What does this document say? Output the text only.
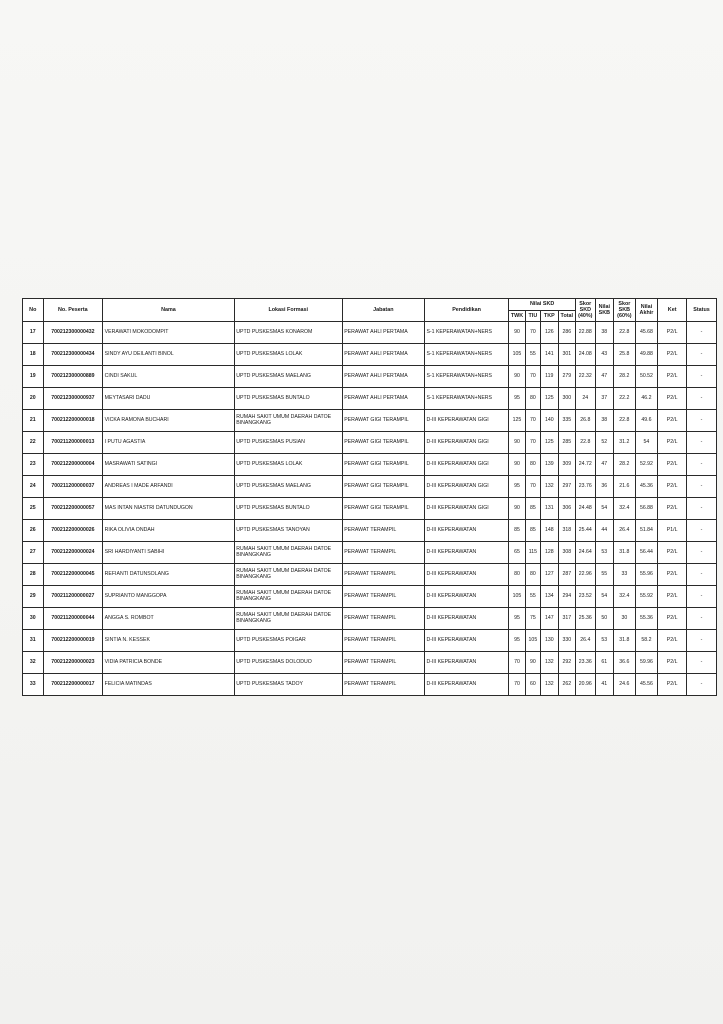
No	No. Peserta	Nama	Lokasi Formasi	Jabatan	Pendidikan	Nilai SKD				Skor SKD (40%)	Nilai SKB	Skor SKB (60%)	Nilai Akhir	Ket	Status
						TWK	TIU	TKP	Total						
17	700212300000432	VERAWATI MOKODOMPIT	UPTD PUSKESMAS KONAROM	PERAWAT AHLI PERTAMA	S-1 KEPERAWATAN+NERS	90	70	126	286	22.88	38	22.8	45.68	P2/L	-
18	700212300000434	SINDY AYU DEILANTI BINOL	UPTD PUSKESMAS LOLAK	PERAWAT AHLI PERTAMA	S-1 KEPERAWATAN+NERS	105	55	141	301	24.08	43	25.8	49.88	P2/L	-
19	700212300000889	CINDI SAKUL	UPTD PUSKESMAS MAELANG	PERAWAT AHLI PERTAMA	S-1 KEPERAWATAN+NERS	90	70	119	279	22.32	47	28.2	50.52	P2/L	-
20	700212300000937	MEYTASARI DADU	UPTD PUSKESMAS BUNTALO	PERAWAT AHLI PERTAMA	S-1 KEPERAWATAN+NERS	95	80	125	300	24	37	22.2	46.2	P2/L	-
21	700212200000018	VICKA RAMONA BUCHARI	RUMAH SAKIT UMUM DAERAH DATOE BINANGKANG	PERAWAT GIGI TERAMPIL	D-III KEPERAWATAN GIGI	125	70	140	335	26.8	38	22.8	49.6	P2/L	-
22	700211200000013	I PUTU AGASTIA	UPTD PUSKESMAS PUSIAN	PERAWAT GIGI TERAMPIL	D-III KEPERAWATAN GIGI	90	70	125	285	22.8	52	31.2	54	P2/L	-
23	700212200000004	MASRAWATI SATINGI	UPTD PUSKESMAS LOLAK	PERAWAT GIGI TERAMPIL	D-III KEPERAWATAN GIGI	90	80	139	309	24.72	47	28.2	52.92	P2/L	-
24	700211200000037	ANDREAS I MADE ARFANDI	UPTD PUSKESMAS MAELANG	PERAWAT GIGI TERAMPIL	D-III KEPERAWATAN GIGI	95	70	132	297	23.76	36	21.6	45.36	P2/L	-
25	700212200000057	MAS INTAN NIASTRI DATUNDUGON	UPTD PUSKESMAS BUNTALO	PERAWAT GIGI TERAMPIL	D-III KEPERAWATAN GIGI	90	85	131	306	24.48	54	32.4	56.88	P2/L	-
26	700212200000026	RIKA OLIVIA ONDAH	UPTD PUSKESMAS TANOYAN	PERAWAT TERAMPIL	D-III KEPERAWATAN	85	85	148	318	25.44	44	26.4	51.84	P1/L	-
27	700212200000024	SRI HARDIYANTI SABIHI	RUMAH SAKIT UMUM DAERAH DATOE BINANGKANG	PERAWAT TERAMPIL	D-III KEPERAWATAN	65	115	128	308	24.64	53	31.8	56.44	P2/L	-
28	700212200000045	REFIANTI DATUNSOLANG	RUMAH SAKIT UMUM DAERAH DATOE BINANGKANG	PERAWAT TERAMPIL	D-III KEPERAWATAN	80	80	127	287	22.96	55	33	55.96	P2/L	-
29	700211200000027	SUPRIANTO MANGGOPA	RUMAH SAKIT UMUM DAERAH DATOE BINANGKANG	PERAWAT TERAMPIL	D-III KEPERAWATAN	105	55	134	294	23.52	54	32.4	55.92	P2/L	-
30	700211200000044	ANGGA S. ROMBOT	RUMAH SAKIT UMUM DAERAH DATOE BINANGKANG	PERAWAT TERAMPIL	D-III KEPERAWATAN	95	75	147	317	25.36	50	30	55.36	P2/L	-
31	700212200000019	SINTIA N. KESSEK	UPTD PUSKESMAS POIGAR	PERAWAT TERAMPIL	D-III KEPERAWATAN	95	105	130	330	26.4	53	31.8	58.2	P2/L	-
32	700212200000023	VIDIA PATRICIA BONDE	UPTD PUSKESMAS DOLODUO	PERAWAT TERAMPIL	D-III KEPERAWATAN	70	90	132	292	23.36	61	36.6	59.96	P2/L	-
33	700212200000017	FELICIA MATINDAS	UPTD PUSKESMAS TADOY	PERAWAT TERAMPIL	D-III KEPERAWATAN	70	60	132	262	20.96	41	24.6	45.56	P2/L	-
